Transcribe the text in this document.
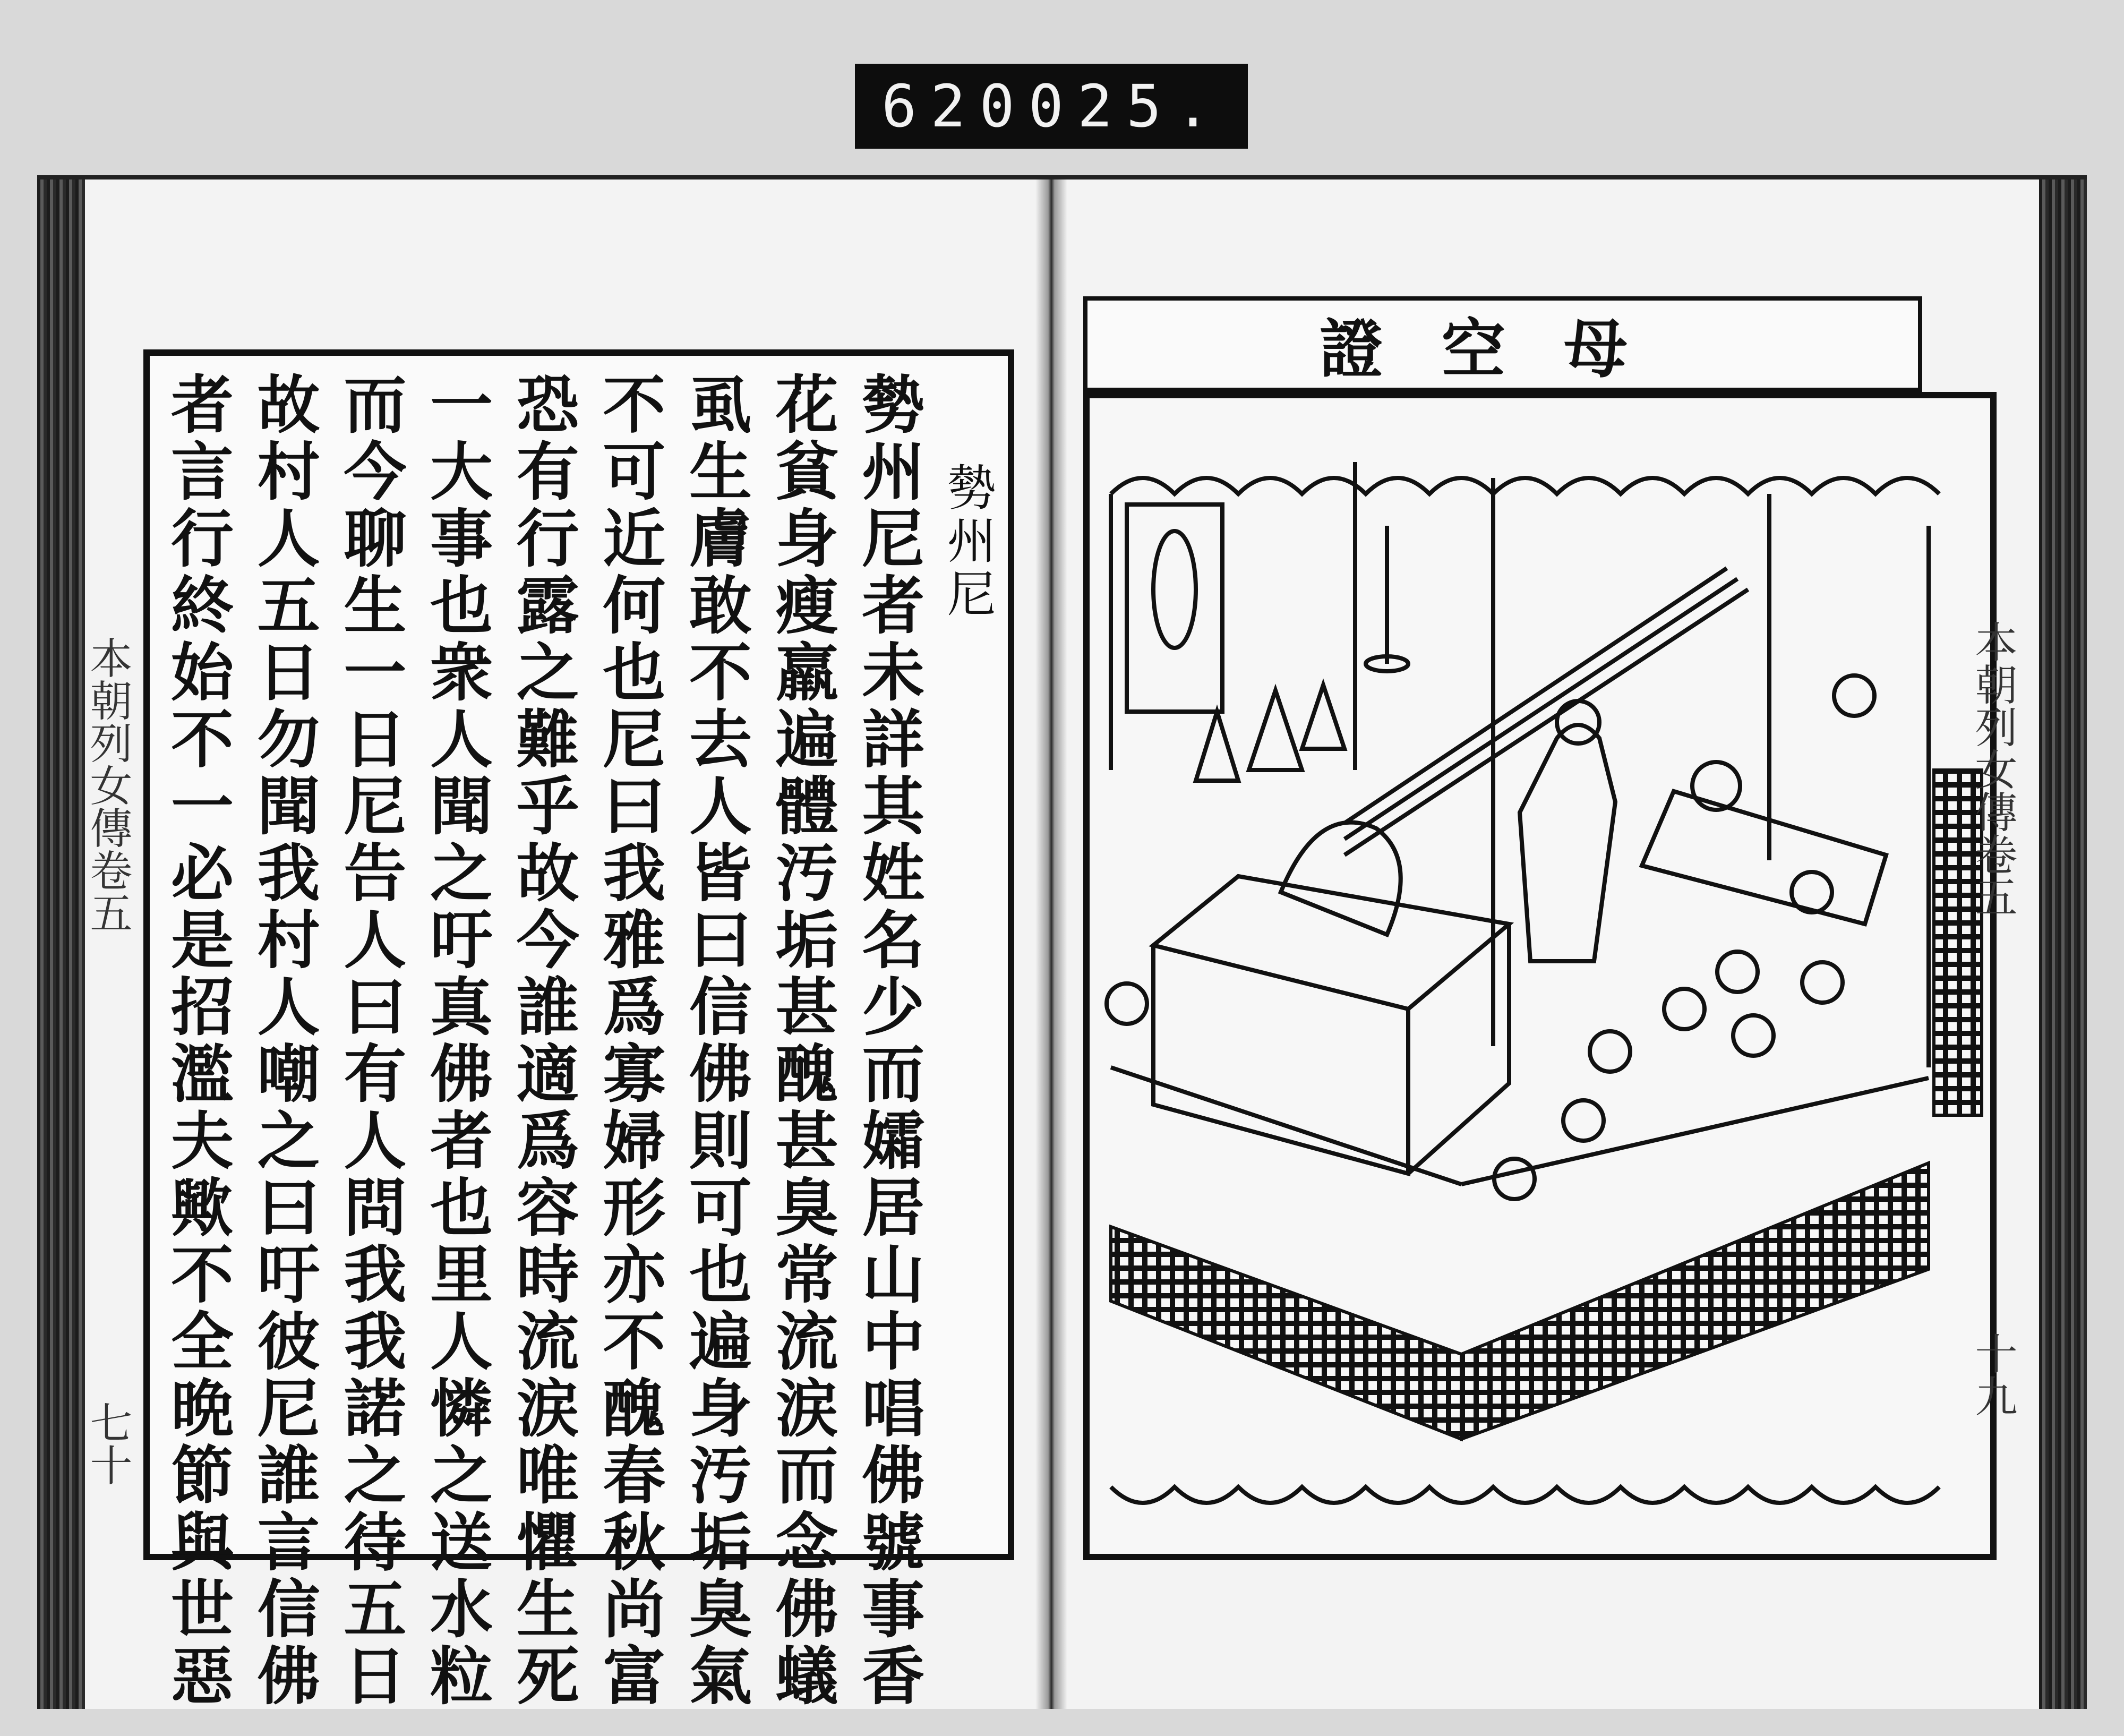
620 025.
本朝列女傳卷五
七十
勢州尼
勢州尼者未詳其姓名少而孀居山中唱佛號事香
花貧身瘦羸遍體汚垢甚醜甚臭常流涙而念佛蟻
虱生膚敢不去人皆曰信佛則可也遍身汚垢臭氣
不可近何也尼曰我雅爲寡婦形亦不醜春秋尚富
恐有行露之難乎故今誰適爲容時流涙唯懼生死
一大事也衆人聞之吁真佛者也里人憐之送水粒
而今聊生一日尼告人曰有人問我我諾之待五日
故村人五日勿聞我村人嘲之曰吁彼尼誰言信佛
者言行終始不一必是招濫夫歟不全晩節與世惡
證空母
本朝列女傳卷五
十九
